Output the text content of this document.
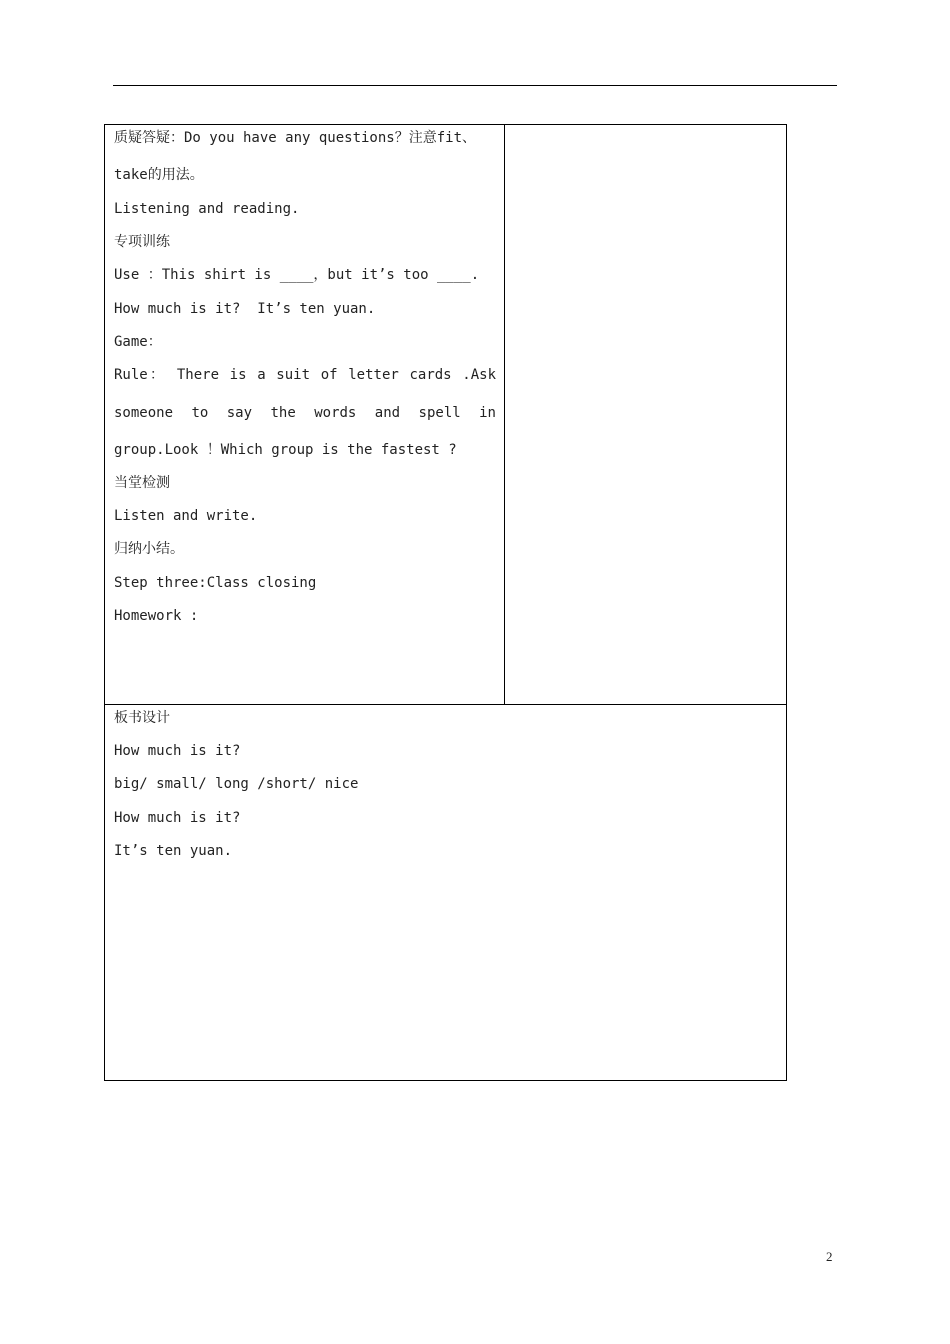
质疑答疑：Do you have any questions？注意fit、
take的用法。
Listening and reading.
专项训练
Use ：This shirt is ____，but it’s too ____.
How much is it?  It’s ten yuan.
Game：
Rule： There is a suit of letter cards .Ask
someone to say the words and spell in
group.Look ！Which group is the fastest ?
当堂检测
Listen and write.
归纳小结。
Step three:Class closing
Homework :
板书设计
How much is it?
big/ small/ long /short/ nice
How much is it?
It’s ten yuan.
2
